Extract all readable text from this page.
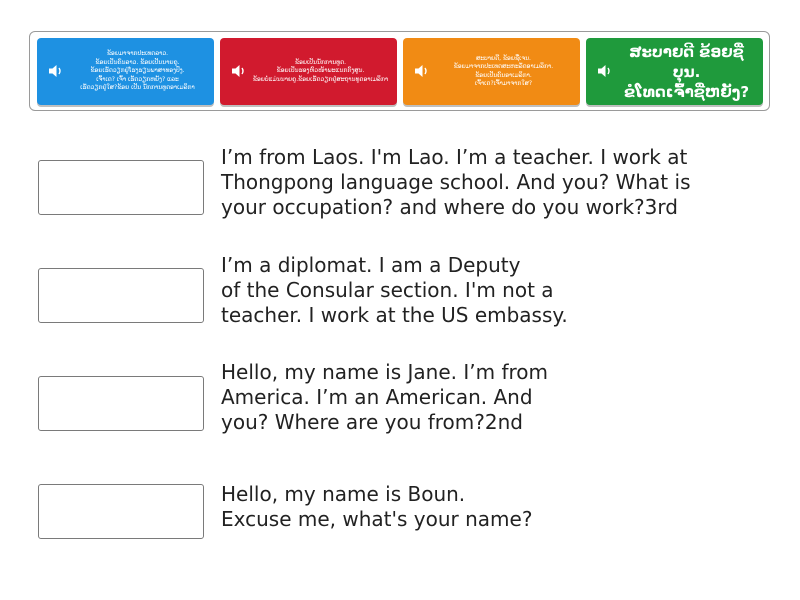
ຂ້ອຍມາຈາກປະເທດລາວ.
ຂ້ອຍເປັນຄົນລາວ. ຂ້ອຍເປັນນາຍຄູ.
ຂ້ອຍເຮັດວຽກຢູ່ໂຮງຮຽນພາສາທອງປົງ.
ເຈົ້າເດ? ເຈົ້າ ເຮັດວຽກຫຍັງ? ແລະ
ເຮັດວຽກຢູ່ໃສ?ຂ້ອຍ ເປັນ ນັກການທູດອາເມລິກາ
ຂ້ອຍເປັນນັກການທູດ.
ຂ້ອຍເປັນຮອງຫົວໜ້າພະແນກກົງສູນ.
ຂ້ອຍບໍ່ແມ່ນນາຍຄູ.ຂ້ອຍເຮັດວຽກຢູ່ສະຖານທູດອາເມລິກາ
ສະບາຍດີ, ຂ້ອຍຊື່ເຈນ.
ຂ້ອຍມາຈາກປະເທດສະຫະລັດອາເມລິກາ.
ຂ້ອຍເປັນຄົນອາເມລິກາ.
ເຈົ້າເດ?ເຈົ້າມາຈາກໃສ?
ສະບາຍດີ ຂ້ອຍຊື່ບຸນ.
ຂໍໂທດເຈົ້າຊື່ຫຍັງ?
I’m from Laos. I'm Lao. I’m a teacher. I work at
Thongpong language school. And you? What is
your occupation? and where do you work?3rd
I’m a diplomat. I am a Deputy
of the Consular section. I'm not a
teacher. I work at the US embassy.
Hello, my name is Jane. I’m from
America. I’m an American. And
you? Where are you from?2nd
Hello, my name is Boun.
Excuse me, what's your name?
